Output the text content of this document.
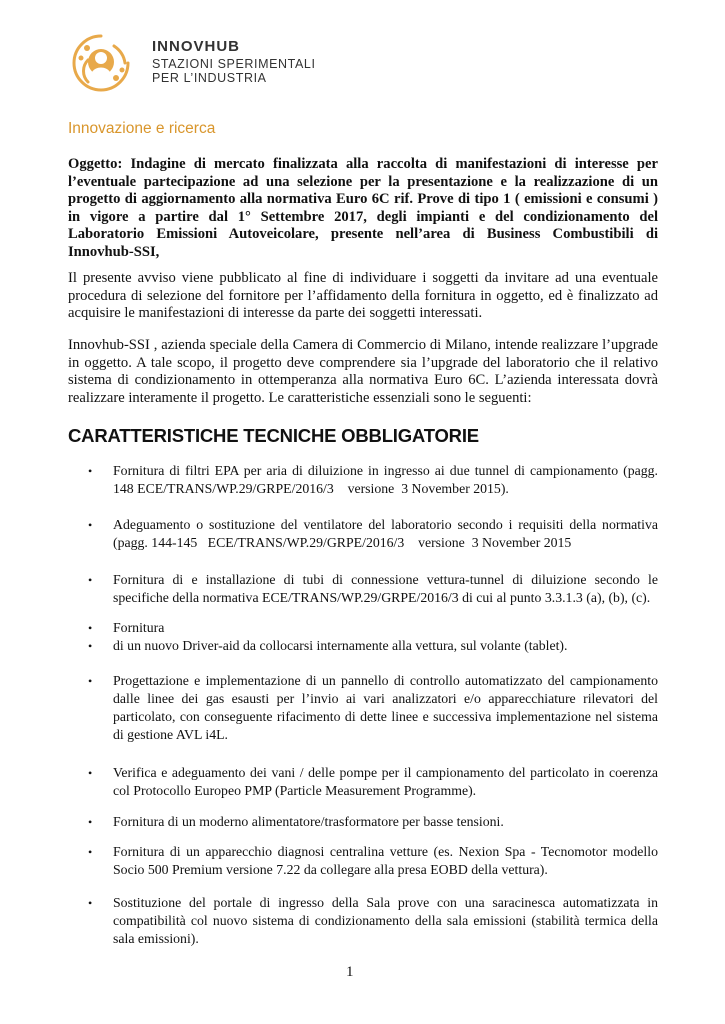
INNOVHUB
STAZIONI SPERIMENTALI
PER L’INDUSTRIA
Innovazione e ricerca
Oggetto: Indagine di mercato finalizzata alla raccolta di manifestazioni di interesse per l’eventuale partecipazione ad una selezione per la presentazione e la realizzazione di un progetto di aggiornamento alla normativa Euro 6C rif. Prove di tipo 1 ( emissioni e consumi ) in vigore a partire dal 1° Settembre 2017, degli impianti e del condizionamento del Laboratorio Emissioni Autoveicolare, presente nell’area di Business Combustibili di Innovhub-SSI,
Il presente avviso viene pubblicato al fine di individuare i soggetti da invitare ad una eventuale procedura di selezione del fornitore per l’affidamento della fornitura in oggetto, ed è finalizzato ad acquisire le manifestazioni di interesse da parte dei soggetti interessati.
Innovhub-SSI , azienda speciale della Camera di Commercio di Milano, intende realizzare l’upgrade in oggetto. A tale scopo, il progetto deve comprendere sia l’upgrade del laboratorio che il relativo sistema di condizionamento in ottemperanza alla normativa Euro 6C. L’azienda interessata dovrà realizzare interamente il progetto. Le caratteristiche essenziali sono le seguenti:
CARATTERISTICHE TECNICHE OBBLIGATORIE
•	Fornitura di filtri EPA per aria di diluizione in ingresso ai due tunnel di campionamento (pagg. 148 ECE/TRANS/WP.29/GRPE/2016/3    versione  3 November 2015).
•	Adeguamento o sostituzione del ventilatore del laboratorio secondo i requisiti della normativa (pagg. 144-145   ECE/TRANS/WP.29/GRPE/2016/3    versione  3 November 2015
•	Fornitura di e installazione di tubi di connessione vettura-tunnel di diluizione secondo le specifiche della normativa ECE/TRANS/WP.29/GRPE/2016/3 di cui al punto 3.3.1.3 (a), (b), (c).
•	Fornitura
•	di un nuovo Driver-aid da collocarsi internamente alla vettura, sul volante (tablet).
•	Progettazione e implementazione di un pannello di controllo automatizzato del campionamento dalle linee dei gas esausti per l’invio ai vari analizzatori e/o apparecchiature rilevatori del particolato, con conseguente rifacimento di dette linee e successiva implementazione nel sistema di gestione AVL i4L.
•	Verifica e adeguamento dei vani / delle pompe per il campionamento del particolato in coerenza col Protocollo Europeo PMP (Particle Measurement Programme).
•	Fornitura di un moderno alimentatore/trasformatore per basse tensioni.
•	Fornitura di un apparecchio diagnosi centralina vetture (es. Nexion Spa - Tecnomotor modello Socio 500 Premium versione 7.22 da collegare alla presa EOBD della vettura).
•	Sostituzione del portale di ingresso della Sala prove con una saracinesca automatizzata in compatibilità col nuovo sistema di condizionamento della sala emissioni (stabilità termica della sala emissioni).
1
